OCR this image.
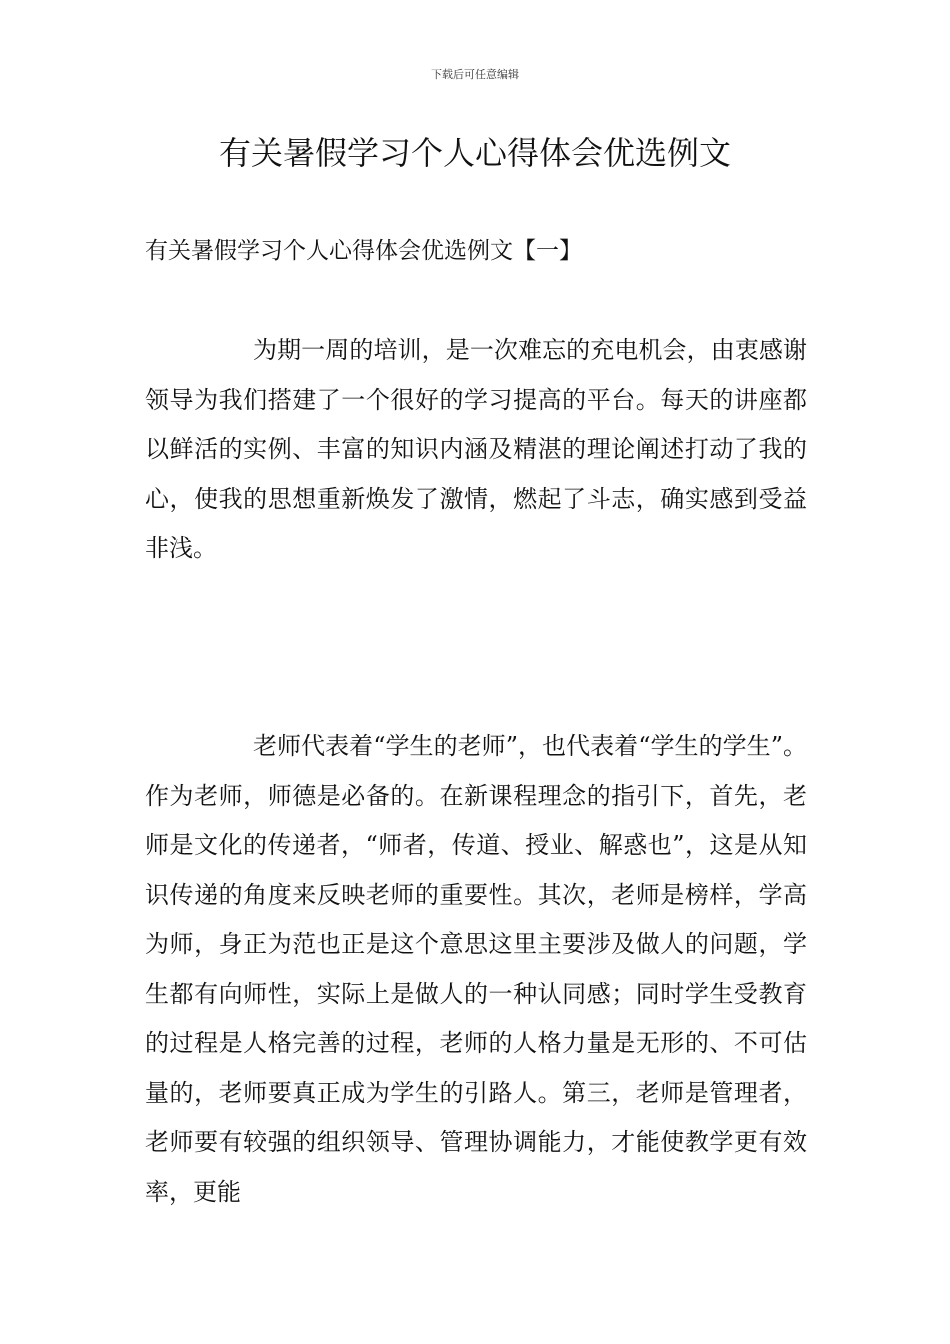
下载后可任意编辑
有关暑假学习个人心得体会优选例文
有关暑假学习个人心得体会优选例文【一】

为期一周的培训，是一次难忘的充电机会，由衷感谢领导为我们搭建了一个很好的学习提高的平台。每天的讲座都以鲜活的实例、丰富的知识内涵及精湛的理论阐述打动了我的心，使我的思想重新焕发了激情，燃起了斗志，确实感到受益非浅。

老师代表着“学生的老师”，也代表着“学生的学生”。作为老师，师德是必备的。在新课程理念的指引下，首先，老师是文化的传递者，“师者，传道、授业、解惑也”，这是从知识传递的角度来反映老师的重要性。其次，老师是榜样，学高为师，身正为范也正是这个意思这里主要涉及做人的问题，学生都有向师性，实际上是做人的一种认同感；同时学生受教育的过程是人格完善的过程，老师的人格力量是无形的、不可估量的，老师要真正成为学生的引路人。第三，老师是管理者，老师要有较强的组织领导、管理协调能力，才能使教学更有效率，更能
